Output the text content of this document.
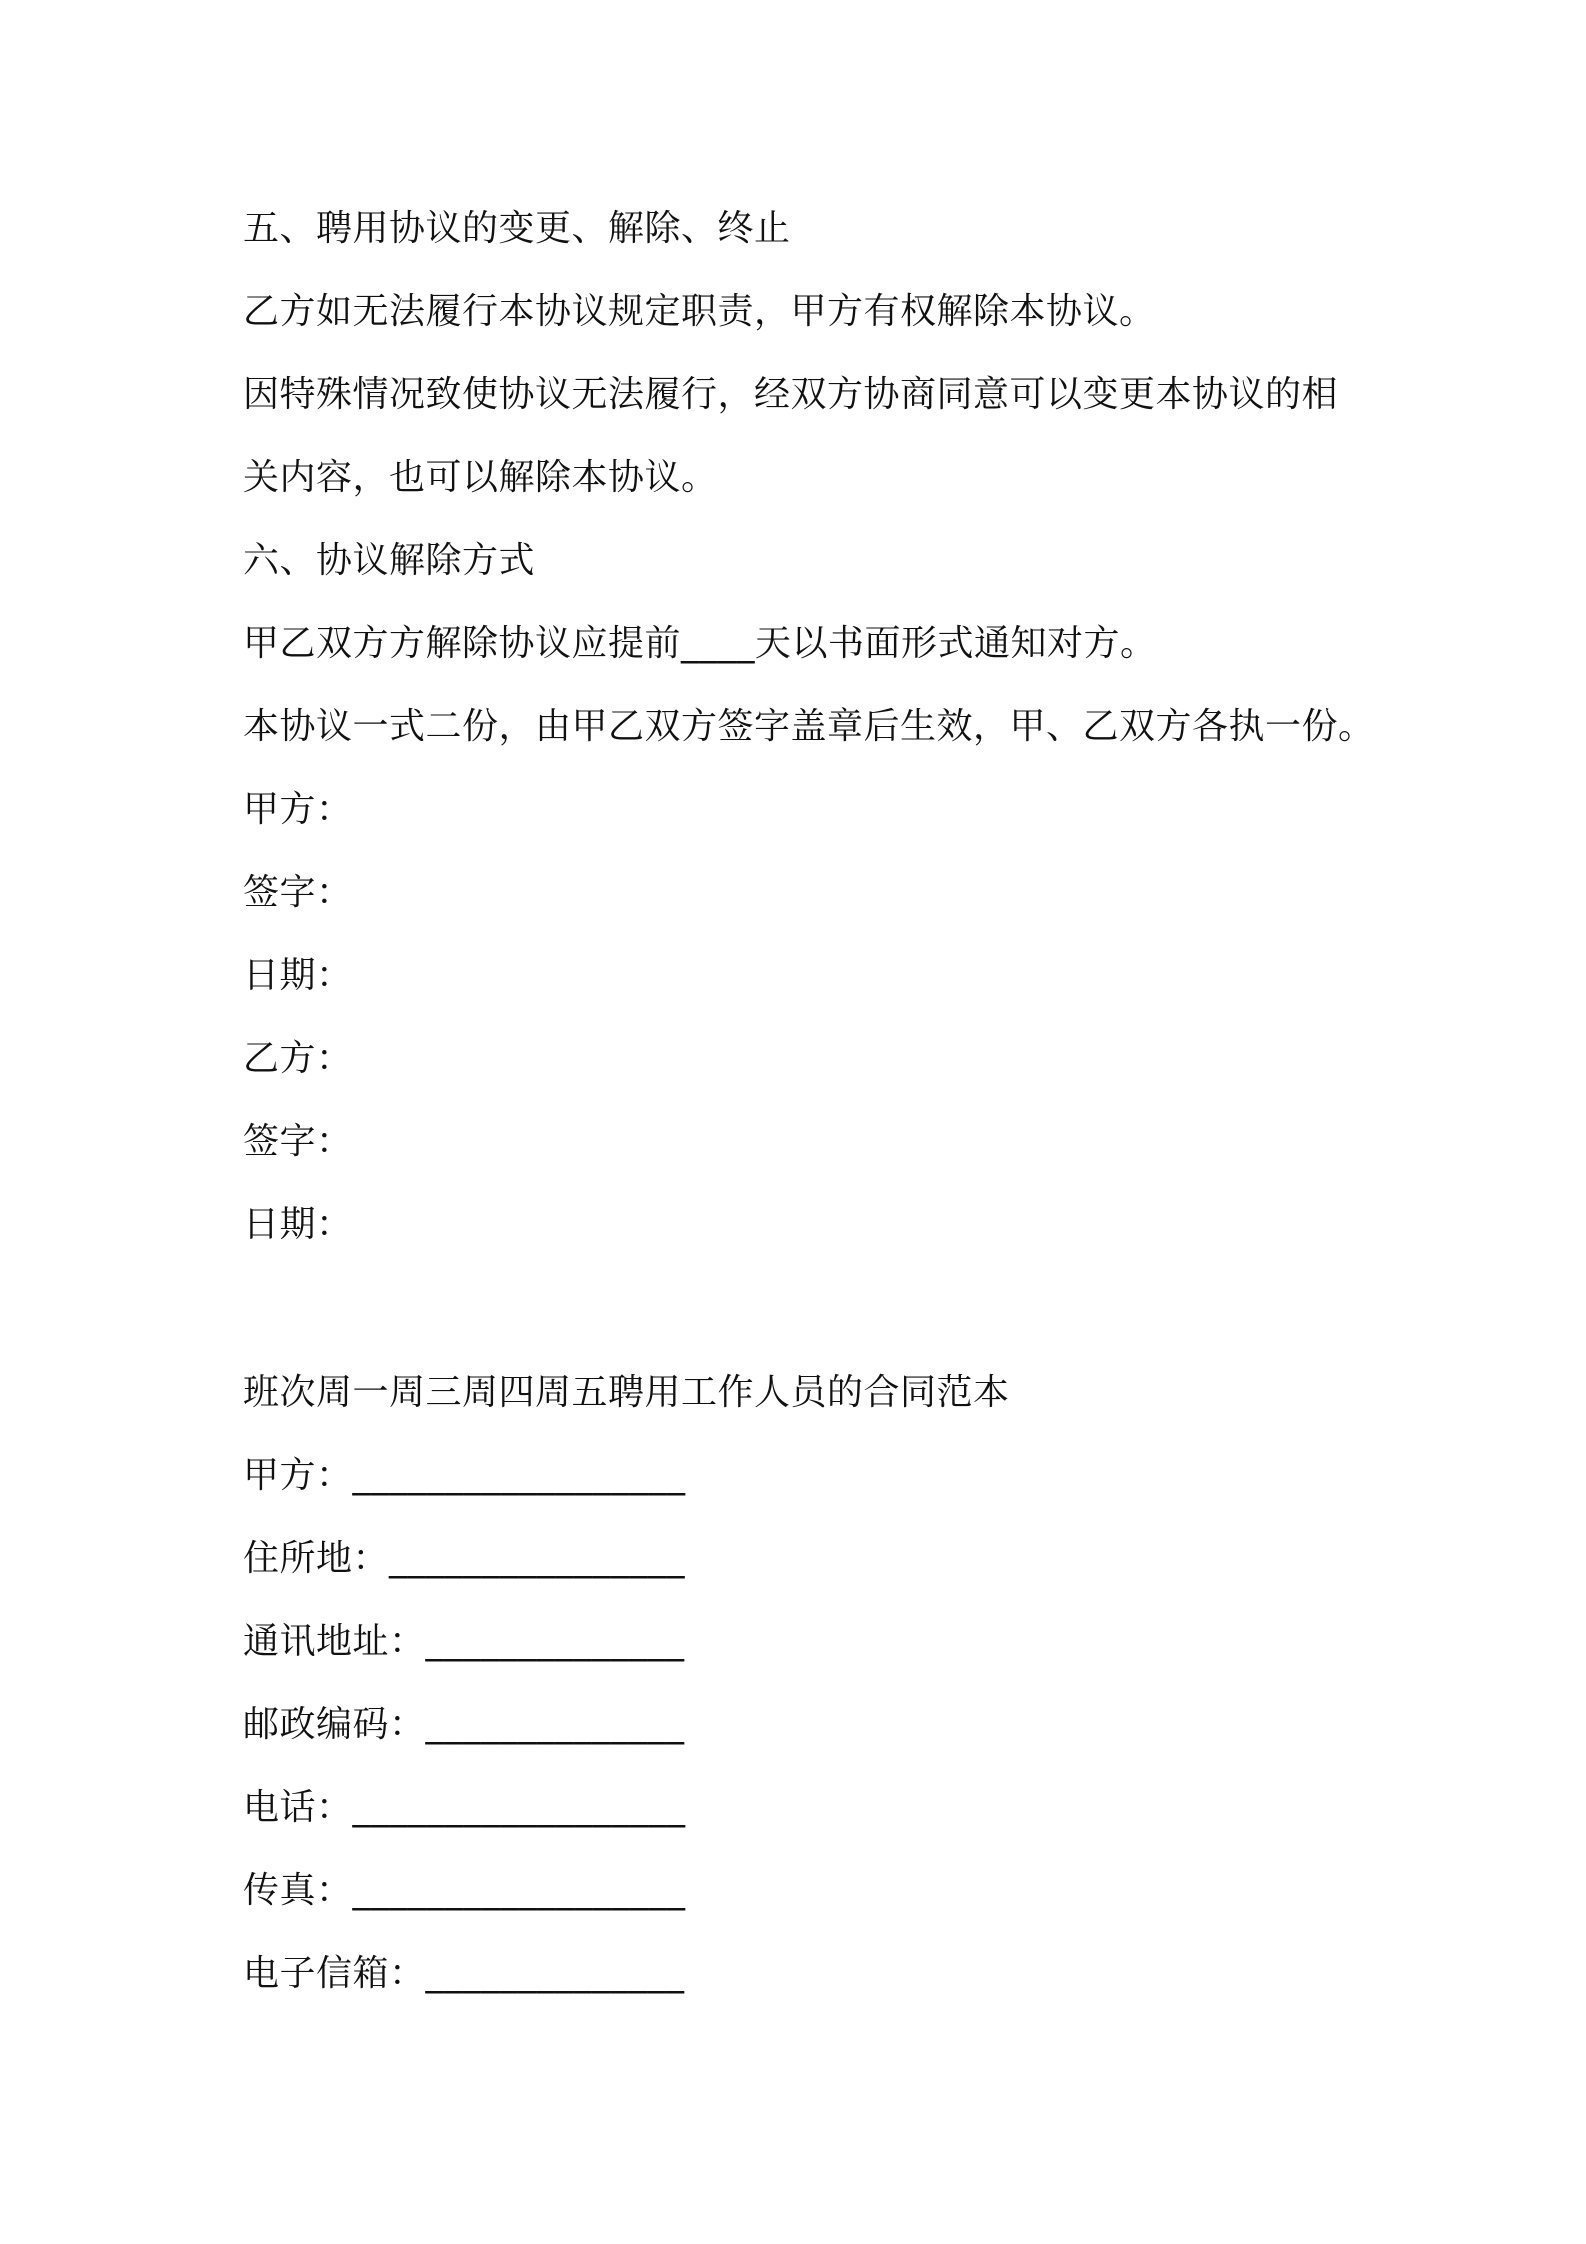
五、聘用协议的变更、解除、终止
乙方如无法履行本协议规定职责，甲方有权解除本协议。
因特殊情况致使协议无法履行，经双方协商同意可以变更本协议的相
关内容，也可以解除本协议。
六、协议解除方式
甲乙双方方解除协议应提前____天以书面形式通知对方。
本协议一式二份，由甲乙双方签字盖章后生效，甲、乙双方各执一份。
甲方：
签字：
日期：
乙方：
签字：
日期：
班次周一周三周四周五聘用工作人员的合同范本
甲方：__________________
住所地：________________
通讯地址：______________
邮政编码：______________
电话：__________________
传真：__________________
电子信箱：______________
